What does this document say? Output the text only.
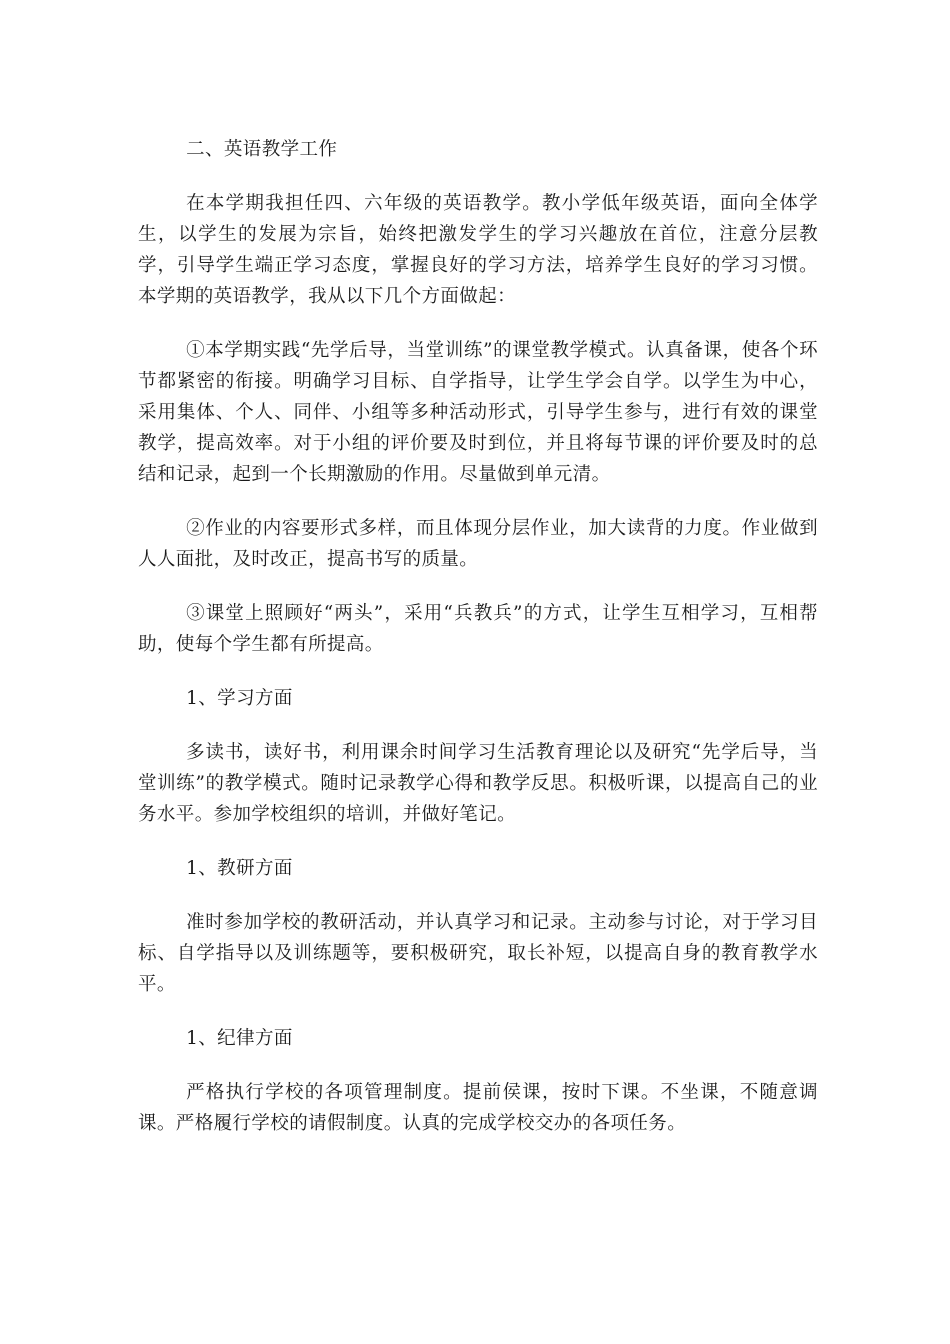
二、英语教学工作

在本学期我担任四、六年级的英语教学。教小学低年级英语，面向全体学生，以学生的发展为宗旨，始终把激发学生的学习兴趣放在首位，注意分层教学，引导学生端正学习态度，掌握良好的学习方法，培养学生良好的学习习惯。本学期的英语教学，我从以下几个方面做起：

①本学期实践“先学后导，当堂训练”的课堂教学模式。认真备课，使各个环节都紧密的衔接。明确学习目标、自学指导，让学生学会自学。以学生为中心，采用集体、个人、同伴、小组等多种活动形式，引导学生参与，进行有效的课堂教学，提高效率。对于小组的评价要及时到位，并且将每节课的评价要及时的总结和记录，起到一个长期激励的作用。尽量做到单元清。

②作业的内容要形式多样，而且体现分层作业，加大读背的力度。作业做到人人面批，及时改正，提高书写的质量。

③课堂上照顾好“两头”，采用“兵教兵”的方式，让学生互相学习，互相帮助，使每个学生都有所提高。

1、学习方面

多读书，读好书，利用课余时间学习生活教育理论以及研究“先学后导，当堂训练”的教学模式。随时记录教学心得和教学反思。积极听课，以提高自己的业务水平。参加学校组织的培训，并做好笔记。

1、教研方面

准时参加学校的教研活动，并认真学习和记录。主动参与讨论，对于学习目标、自学指导以及训练题等，要积极研究，取长补短，以提高自身的教育教学水平。

1、纪律方面

严格执行学校的各项管理制度。提前侯课，按时下课。不坐课，不随意调课。严格履行学校的请假制度。认真的完成学校交办的各项任务。
